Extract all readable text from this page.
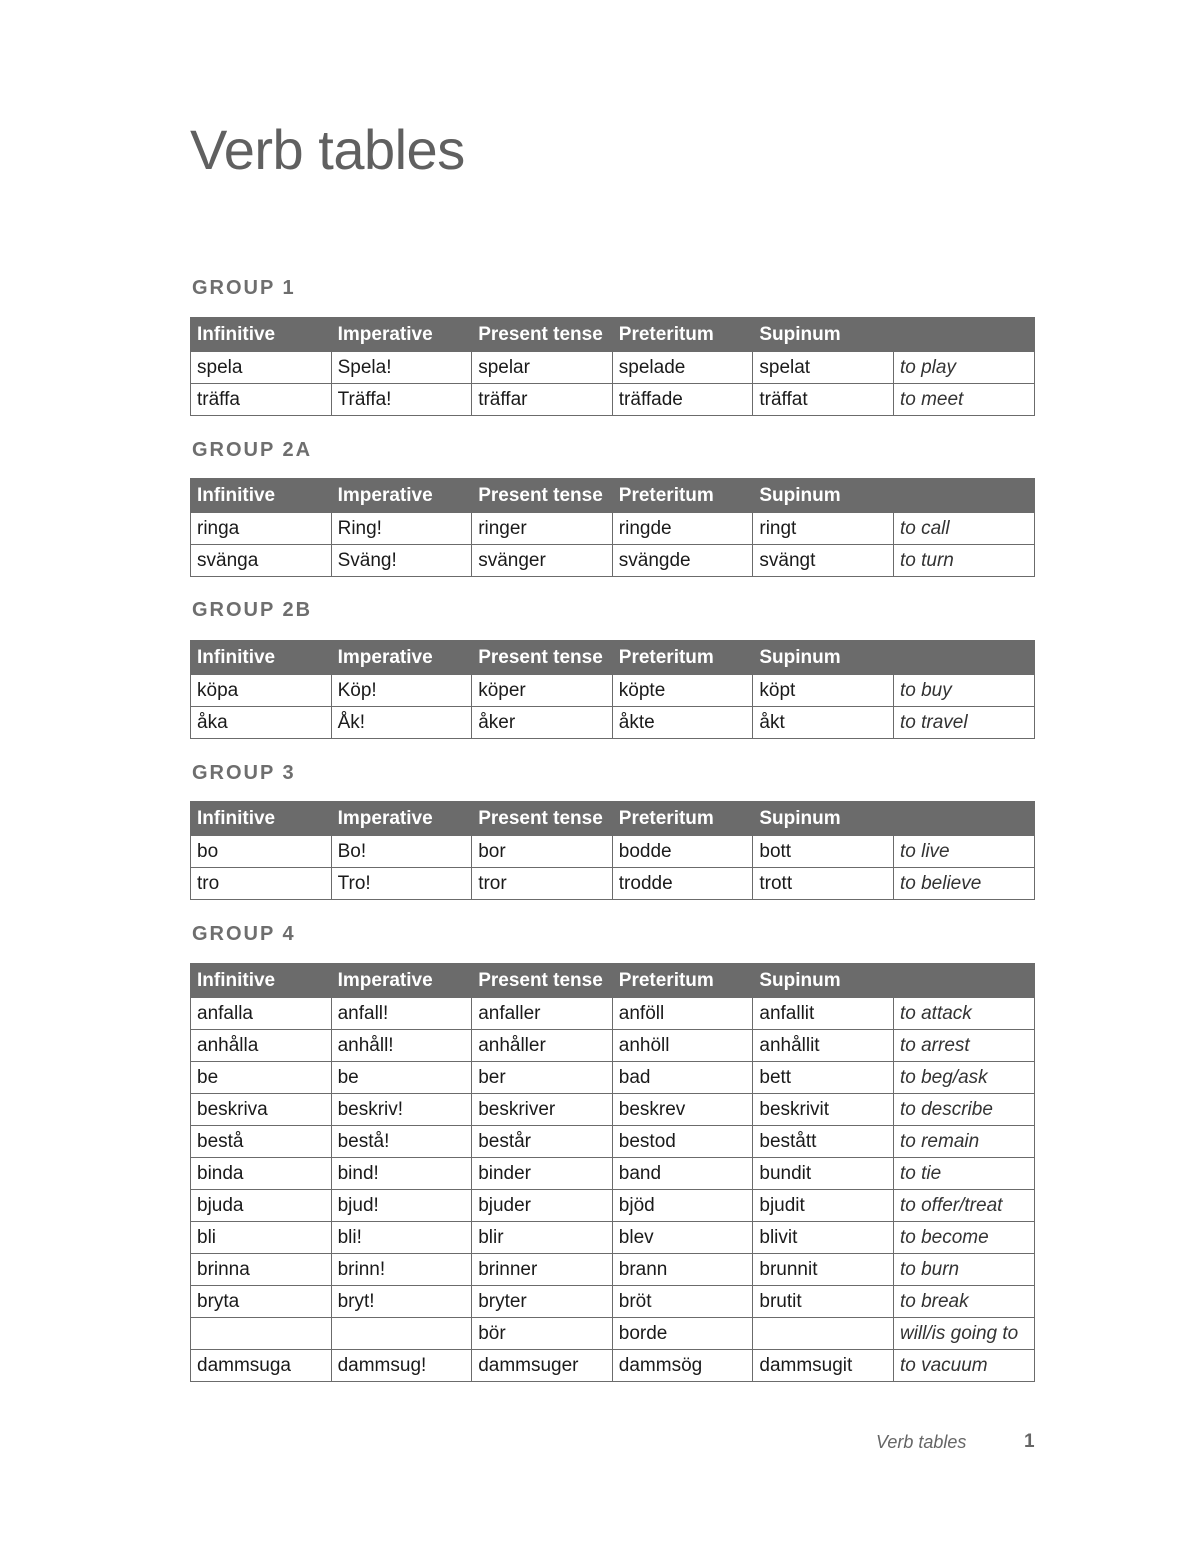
Verb tables
GROUP 1
Infinitive	Imperative	Present tense	Preteritum	Supinum	
spela	Spela!	spelar	spelade	spelat	to play
träffa	Träffa!	träffar	träffade	träffat	to meet
GROUP 2A
Infinitive	Imperative	Present tense	Preteritum	Supinum	
ringa	Ring!	ringer	ringde	ringt	to call
svänga	Sväng!	svänger	svängde	svängt	to turn
GROUP 2B
Infinitive	Imperative	Present tense	Preteritum	Supinum	
köpa	Köp!	köper	köpte	köpt	to buy
åka	Åk!	åker	åkte	åkt	to travel
GROUP 3
Infinitive	Imperative	Present tense	Preteritum	Supinum	
bo	Bo!	bor	bodde	bott	to live
tro	Tro!	tror	trodde	trott	to believe
GROUP 4
Infinitive	Imperative	Present tense	Preteritum	Supinum	
anfalla	anfall!	anfaller	anföll	anfallit	to attack
anhålla	anhåll!	anhåller	anhöll	anhållit	to arrest
be	be	ber	bad	bett	to beg/ask
beskriva	beskriv!	beskriver	beskrev	beskrivit	to describe
bestå	bestå!	består	bestod	bestått	to remain
binda	bind!	binder	band	bundit	to tie
bjuda	bjud!	bjuder	bjöd	bjudit	to offer/treat
bli	bli!	blir	blev	blivit	to become
brinna	brinn!	brinner	brann	brunnit	to burn
bryta	bryt!	bryter	bröt	brutit	to break
		bör	borde		will/is going to
dammsuga	dammsug!	dammsuger	dammsög	dammsugit	to vacuum
Verb tables	1
